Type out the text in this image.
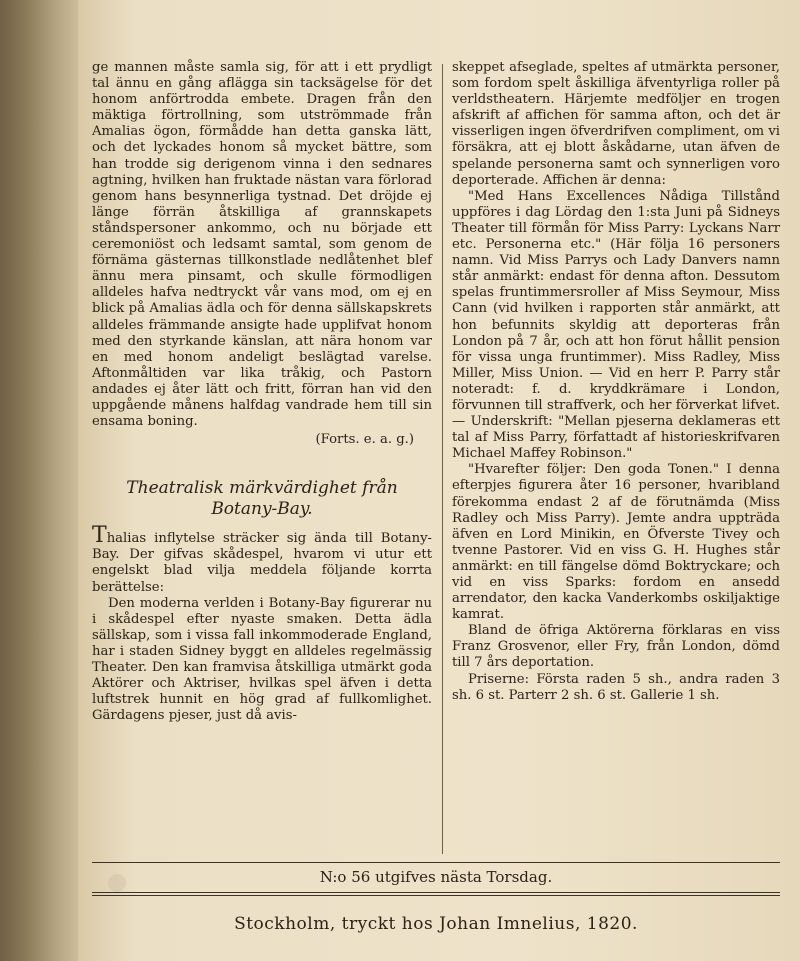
ge mannen måste samla sig, för att i ett prydligt tal ännu en gång aflägga sin tacksägelse för det honom anförtrodda embete. Dragen från den mäktiga förtrollning, som utströmmade från Amalias ögon, förmådde han detta ganska lätt, och det lyckades honom så mycket bättre, som han trodde sig derigenom vinna i den sednares agtning, hvilken han fruktade nästan vara förlorad genom hans besynnerliga tystnad. Det dröjde ej länge förrän åtskilliga af grannskapets ståndspersoner ankommo, och nu började ett ceremoniöst och ledsamt samtal, som genom de förnäma gästernas tillkonstlade nedlåtenhet blef ännu mera pinsamt, och skulle förmodligen alldeles hafva nedtryckt vår vans mod, om ej en blick på Amalias ädla och för denna sällskapskrets alldeles främmande ansigte hade upplifvat honom med den styrkande känslan, att nära honom var en med honom andeligt beslägtad varelse. Aftonmåltiden var lika tråkig, och Pastorn andades ej åter lätt och fritt, förran han vid den uppgående månens halfdag vandrade hem till sin ensama boning.

(Forts. e. a. g.)
Theatralisk märkvärdighet från Botany-Bay.

Thalias inflytelse sträcker sig ända till Botany-Bay. Der gifvas skådespel, hvarom vi utur ett engelskt blad vilja meddela följande korrta berättelse:

Den moderna verlden i Botany-Bay figurerar nu i skådespel efter nyaste smaken. Detta ädla sällskap, som i vissa fall inkommoderade England, har i staden Sidney byggt en alldeles regelmässig Theater. Den kan framvisa åtskilliga utmärkt goda Aktörer och Aktriser, hvilkas spel äfven i detta luftstrek hunnit en hög grad af fullkomlighet. Gärdagens pjeser, just då avis-

skeppet afseglade, speltes af utmärkta personer, som fordom spelt åskilliga äfventyrliga roller på verldstheatern. Härjemte medföljer en trogen afskrift af affichen för samma afton, och det är visserligen ingen öfverdrifven compliment, om vi försäkra, att ej blott åskådarne, utan äfven de spelande personerna samt och synnerligen voro deporterade. Affichen är denna:

"Med Hans Excellences Nådiga Tillstånd uppföres i dag Lördag den 1:sta Juni på Sidneys Theater till förmån för Miss Parry: Lyckans Narr etc. Personerna etc." (Här följa 16 personers namn. Vid Miss Parrys och Lady Danvers namn står anmärkt: endast för denna afton. Dessutom spelas fruntimmersroller af Miss Seymour, Miss Cann (vid hvilken i rapporten står anmärkt, att hon befunnits skyldig att deporteras från London på 7 år, och att hon förut hållit pension för vissa unga fruntimmer). Miss Radley, Miss Miller, Miss Union. — Vid en herr P. Parry står noteradt: f. d. kryddkrämare i London, förvunnen till straffverk, och her förverkat lifvet. — Underskrift: "Mellan pjeserna deklameras ett tal af Miss Parry, författadt af historieskrifvaren Michael Maffey Robinson."

"Hvarefter följer: Den goda Tonen." I denna efterpjes figurera åter 16 personer, hvaribland förekomma endast 2 af de förutnämda (Miss Radley och Miss Parry). Jemte andra uppträda äfven en Lord Minikin, en Öfverste Tivey och tvenne Pastorer. Vid en viss G. H. Hughes står anmärkt: en till fängelse dömd Boktryckare; och vid en viss Sparks: fordom en ansedd arrendator, den kacka Vanderkombs oskiljaktige kamrat.

Bland de öfriga Aktörerna förklaras en viss Franz Grosvenor, eller Fry, från London, dömd till 7 års deportation.

Priserne: Första raden 5 sh., andra raden 3 sh. 6 st. Parterr 2 sh. 6 st. Gallerie 1 sh.

N:o 56 utgifves nästa Torsdag.
Stockholm, tryckt hos Johan Imnelius, 1820.
